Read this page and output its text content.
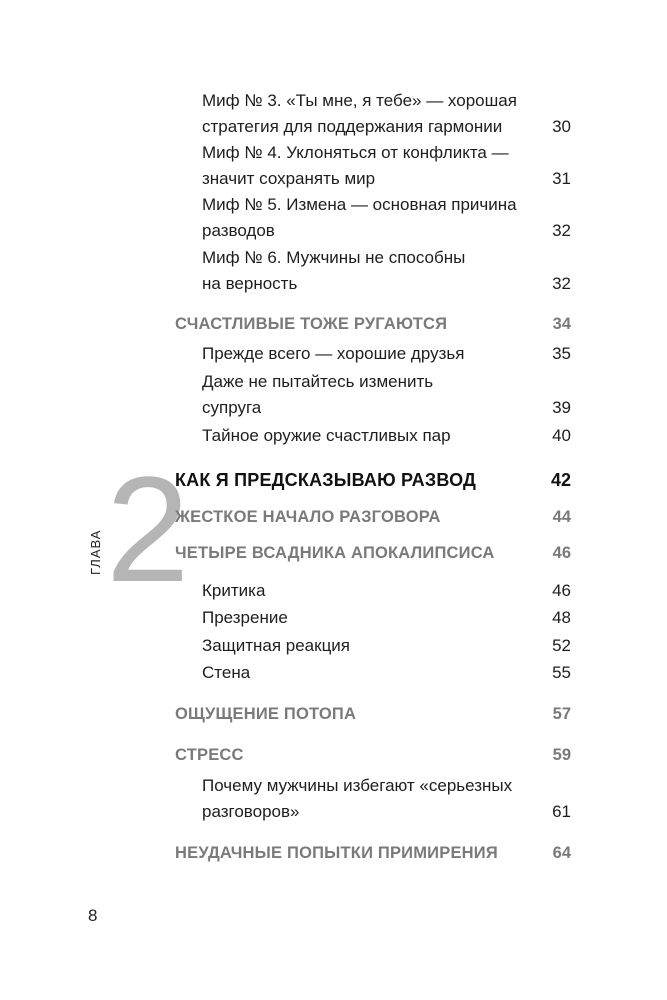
Миф № 3. «Ты мне, я тебе» — хорошая
стратегия для поддержания гармонии	30
Миф № 4. Уклоняться от конфликта —
значит сохранять мир	31
Миф № 5. Измена — основная причина
разводов	32
Миф № 6. Мужчины не способны
на верность	32
СЧАСТЛИВЫЕ ТОЖЕ РУГАЮТСЯ	34
Прежде всего — хорошие друзья	35
Даже не пытайтесь изменить
супруга	39
Тайное оружие счастливых пар	40
2
ГЛАВА
КАК Я ПРЕДСКАЗЫВАЮ РАЗВОД	42
ЖЕСТКОЕ НАЧАЛО РАЗГОВОРА	44
ЧЕТЫРЕ ВСАДНИКА АПОКАЛИПСИСА	46
Критика	46
Презрение	48
Защитная реакция	52
Стена	55
ОЩУЩЕНИЕ ПОТОПА	57
СТРЕСС	59
Почему мужчины избегают «серьезных
разговоров»	61
НЕУДАЧНЫЕ ПОПЫТКИ ПРИМИРЕНИЯ	64
8
